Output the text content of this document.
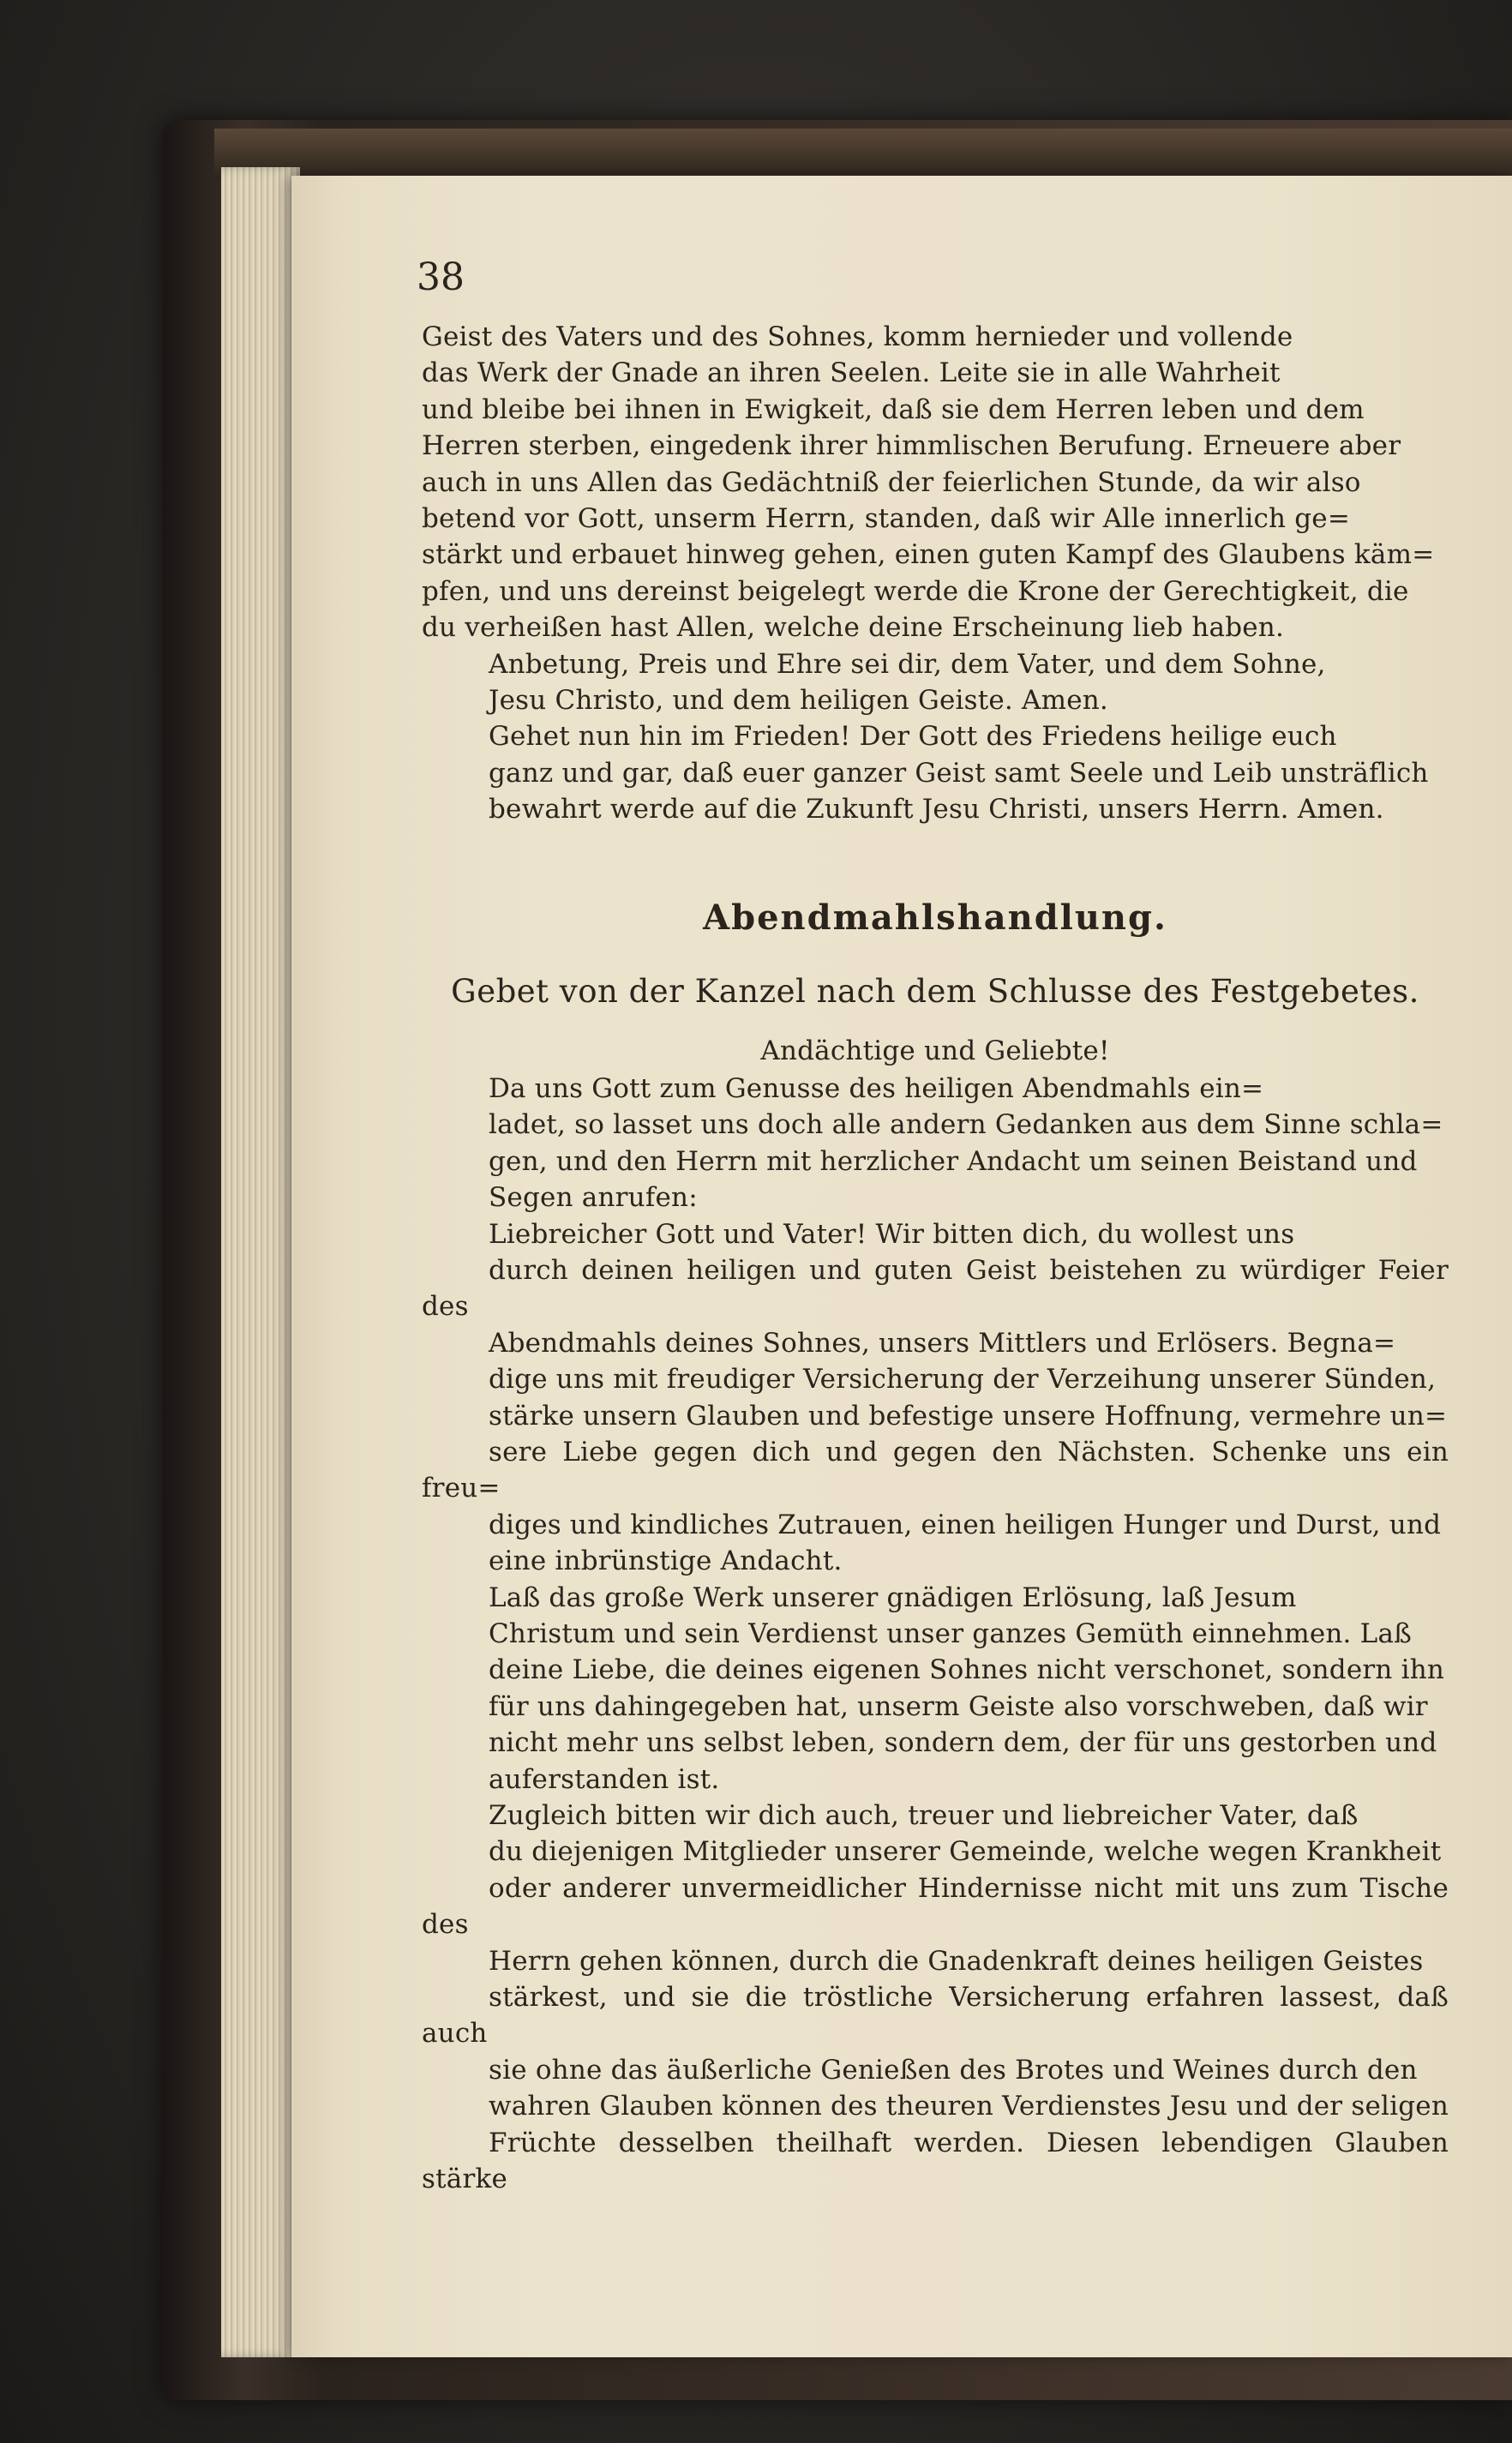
38

Geist des Vaters und des Sohnes, komm hernieder und vollende
das Werk der Gnade an ihren Seelen. Leite sie in alle Wahrheit
und bleibe bei ihnen in Ewigkeit, daß sie dem Herren leben und dem
Herren sterben, eingedenk ihrer himmlischen Berufung. Erneuere aber
auch in uns Allen das Gedächtniß der feierlichen Stunde, da wir also
betend vor Gott, unserm Herrn, standen, daß wir Alle innerlich ge=
stärkt und erbauet hinweg gehen, einen guten Kampf des Glaubens käm=
pfen, und uns dereinst beigelegt werde die Krone der Gerechtigkeit, die
du verheißen hast Allen, welche deine Erscheinung lieb haben.

Anbetung, Preis und Ehre sei dir, dem Vater, und dem Sohne,
Jesu Christo, und dem heiligen Geiste. Amen.

Gehet nun hin im Frieden! Der Gott des Friedens heilige euch
ganz und gar, daß euer ganzer Geist samt Seele und Leib unsträflich
bewahrt werde auf die Zukunft Jesu Christi, unsers Herrn. Amen.

Abendmahlshandlung.
Gebet von der Kanzel nach dem Schlusse des Festgebetes.
Andächtige und Geliebte!

Da uns Gott zum Genusse des heiligen Abendmahls ein=
ladet, so lasset uns doch alle andern Gedanken aus dem Sinne schla=
gen, und den Herrn mit herzlicher Andacht um seinen Beistand und
Segen anrufen:

Liebreicher Gott und Vater! Wir bitten dich, du wollest uns
durch deinen heiligen und guten Geist beistehen zu würdiger Feier des
Abendmahls deines Sohnes, unsers Mittlers und Erlösers. Begna=
dige uns mit freudiger Versicherung der Verzeihung unserer Sünden,
stärke unsern Glauben und befestige unsere Hoffnung, vermehre un=
sere Liebe gegen dich und gegen den Nächsten. Schenke uns ein freu=
diges und kindliches Zutrauen, einen heiligen Hunger und Durst, und
eine inbrünstige Andacht.

Laß das große Werk unserer gnädigen Erlösung, laß Jesum
Christum und sein Verdienst unser ganzes Gemüth einnehmen. Laß
deine Liebe, die deines eigenen Sohnes nicht verschonet, sondern ihn
für uns dahingegeben hat, unserm Geiste also vorschweben, daß wir
nicht mehr uns selbst leben, sondern dem, der für uns gestorben und
auferstanden ist.

Zugleich bitten wir dich auch, treuer und liebreicher Vater, daß
du diejenigen Mitglieder unserer Gemeinde, welche wegen Krankheit
oder anderer unvermeidlicher Hindernisse nicht mit uns zum Tische des
Herrn gehen können, durch die Gnadenkraft deines heiligen Geistes
stärkest, und sie die tröstliche Versicherung erfahren lassest, daß auch
sie ohne das äußerliche Genießen des Brotes und Weines durch den
wahren Glauben können des theuren Verdienstes Jesu und der seligen
Früchte desselben theilhaft werden. Diesen lebendigen Glauben stärke
